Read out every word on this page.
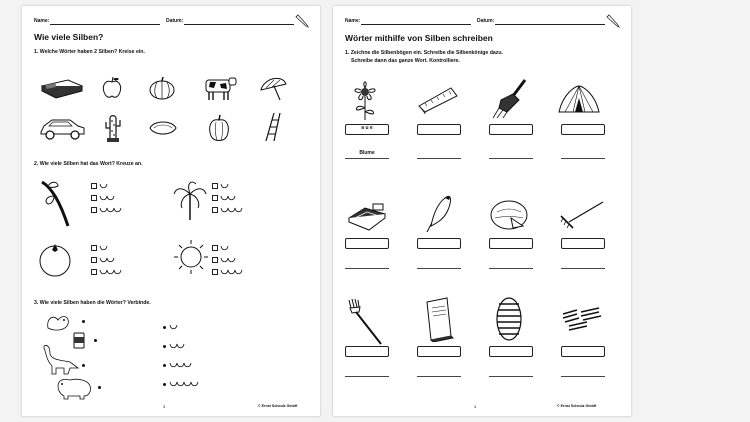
Name:	Datum:
Wie viele Silben?
1. Welche Wörter haben 2 Silben? Kreise ein.
2. Wie viele Silben hat das Wort? Kreuze an.
3. Wie viele Silben haben die Wörter? Verbinde.
3	© Ernst Schoolz GmbH
Name:	Datum:
Wörter mithilfe von Silben schreiben
1. Zeichne die Silbenbögen ein. Schreibe die Silbenkönige dazu.
Schreibe dann das ganze Wort. Kontrolliere.
a u e
Blume
4	© Ernst Schoolz GmbH
